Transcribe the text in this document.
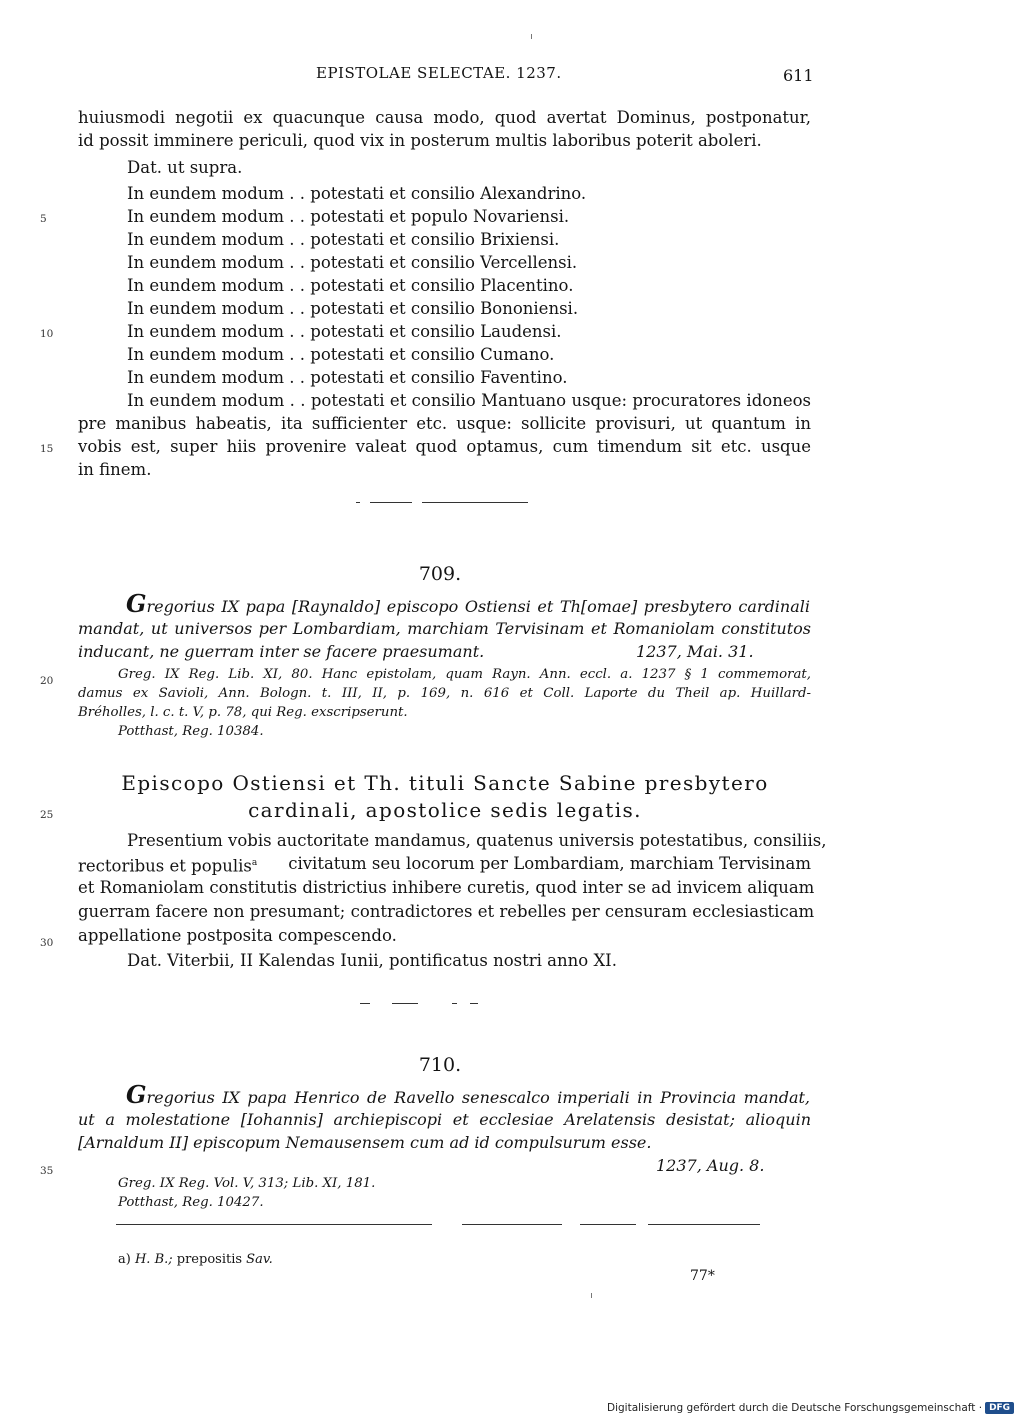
EPISTOLAE SELECTAE. 1237.	611
huiusmodi negotii ex quacunque causa modo, quod avertat Dominus, postponatur,
id possit imminere periculi, quod vix in posterum multis laboribus poterit aboleri.
Dat. ut supra.
In eundem modum . . potestati et consilio Alexandrino.
In eundem modum . . potestati et populo Novariensi.
In eundem modum . . potestati et consilio Brixiensi.
In eundem modum . . potestati et consilio Vercellensi.
In eundem modum . . potestati et consilio Placentino.
In eundem modum . . potestati et consilio Bononiensi.
In eundem modum . . potestati et consilio Laudensi.
In eundem modum . . potestati et consilio Cumano.
In eundem modum . . potestati et consilio Faventino.
In eundem modum . . potestati et consilio Mantuano usque: procuratores idoneos
pre manibus habeatis, ita sufficienter etc. usque: sollicite provisuri, ut quantum in
vobis est, super hiis provenire valeat quod optamus, cum timendum sit etc. usque
in finem.
5
10
15
20
25
30
35
709.
Gregorius IX papa [Raynaldo] episcopo Ostiensi et Th[omae] presbytero cardinali
mandat, ut universos per Lombardiam, marchiam Tervisinam et Romaniolam constitutos
inducant, ne guerram inter se facere praesumant.	1237, Mai. 31.
Greg. IX Reg. Lib. XI, 80. Hanc epistolam, quam Rayn. Ann. eccl. a. 1237 § 1 commemorat,
damus ex Savioli, Ann. Bologn. t. III, II, p. 169, n. 616 et Coll. Laporte du Theil ap. Huillard-
Bréholles, l. c. t. V, p. 78, qui Reg. exscripserunt.
Potthast, Reg. 10384.
Episcopo Ostiensi et Th. tituli Sancte Sabine presbytero
cardinali, apostolice sedis legatis.
Presentium vobis auctoritate mandamus, quatenus universis potestatibus, consiliis,
rectoribus et populis$^a$ civitatum seu locorum per Lombardiam, marchiam Tervisinam
et Romaniolam constitutis districtius inhibere curetis, quod inter se ad invicem aliquam
guerram facere non presumant; contradictores et rebelles per censuram ecclesiasticam
appellatione postposita compescendo.
Dat. Viterbii, II Kalendas Iunii, pontificatus nostri anno XI.
710.
Gregorius IX papa Henrico de Ravello senescalco imperiali in Provincia mandat,
ut a molestatione [Iohannis] archiepiscopi et ecclesiae Arelatensis desistat; alioquin
[Arnaldum II] episcopum Nemausensem cum ad id compulsurum esse.
1237, Aug. 8.
Greg. IX Reg. Vol. V, 313; Lib. XI, 181.
Potthast, Reg. 10427.
a) H. B.; prepositis Sav.
77*
Digitalisierung gefördert durch die Deutsche Forschungsgemeinschaft · DFG
